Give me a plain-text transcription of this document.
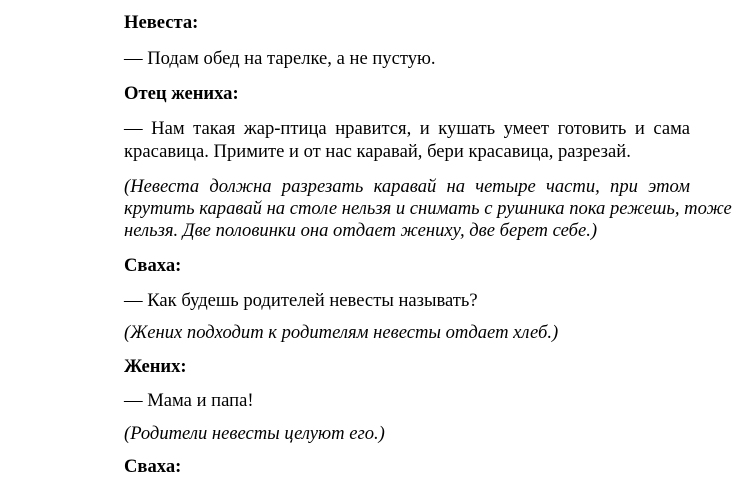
Невеста:
— Подам обед на тарелке, а не пустую.
Отец жениха:
— Нам такая жар-птица нравится, и кушать умеет готовить и сама
красавица. Примите и от нас каравай, бери красавица, разрезай.
(Невеста должна разрезать каравай на четыре части, при этом
крутить каравай на столе нельзя и снимать с рушника пока режешь, тоже
нельзя. Две половинки она отдает жениху, две берет себе.)
Сваха:
— Как будешь родителей невесты называть?
(Жених подходит к родителям невесты отдает хлеб.)
Жених:
— Мама и папа!
(Родители невесты целуют его.)
Сваха:
